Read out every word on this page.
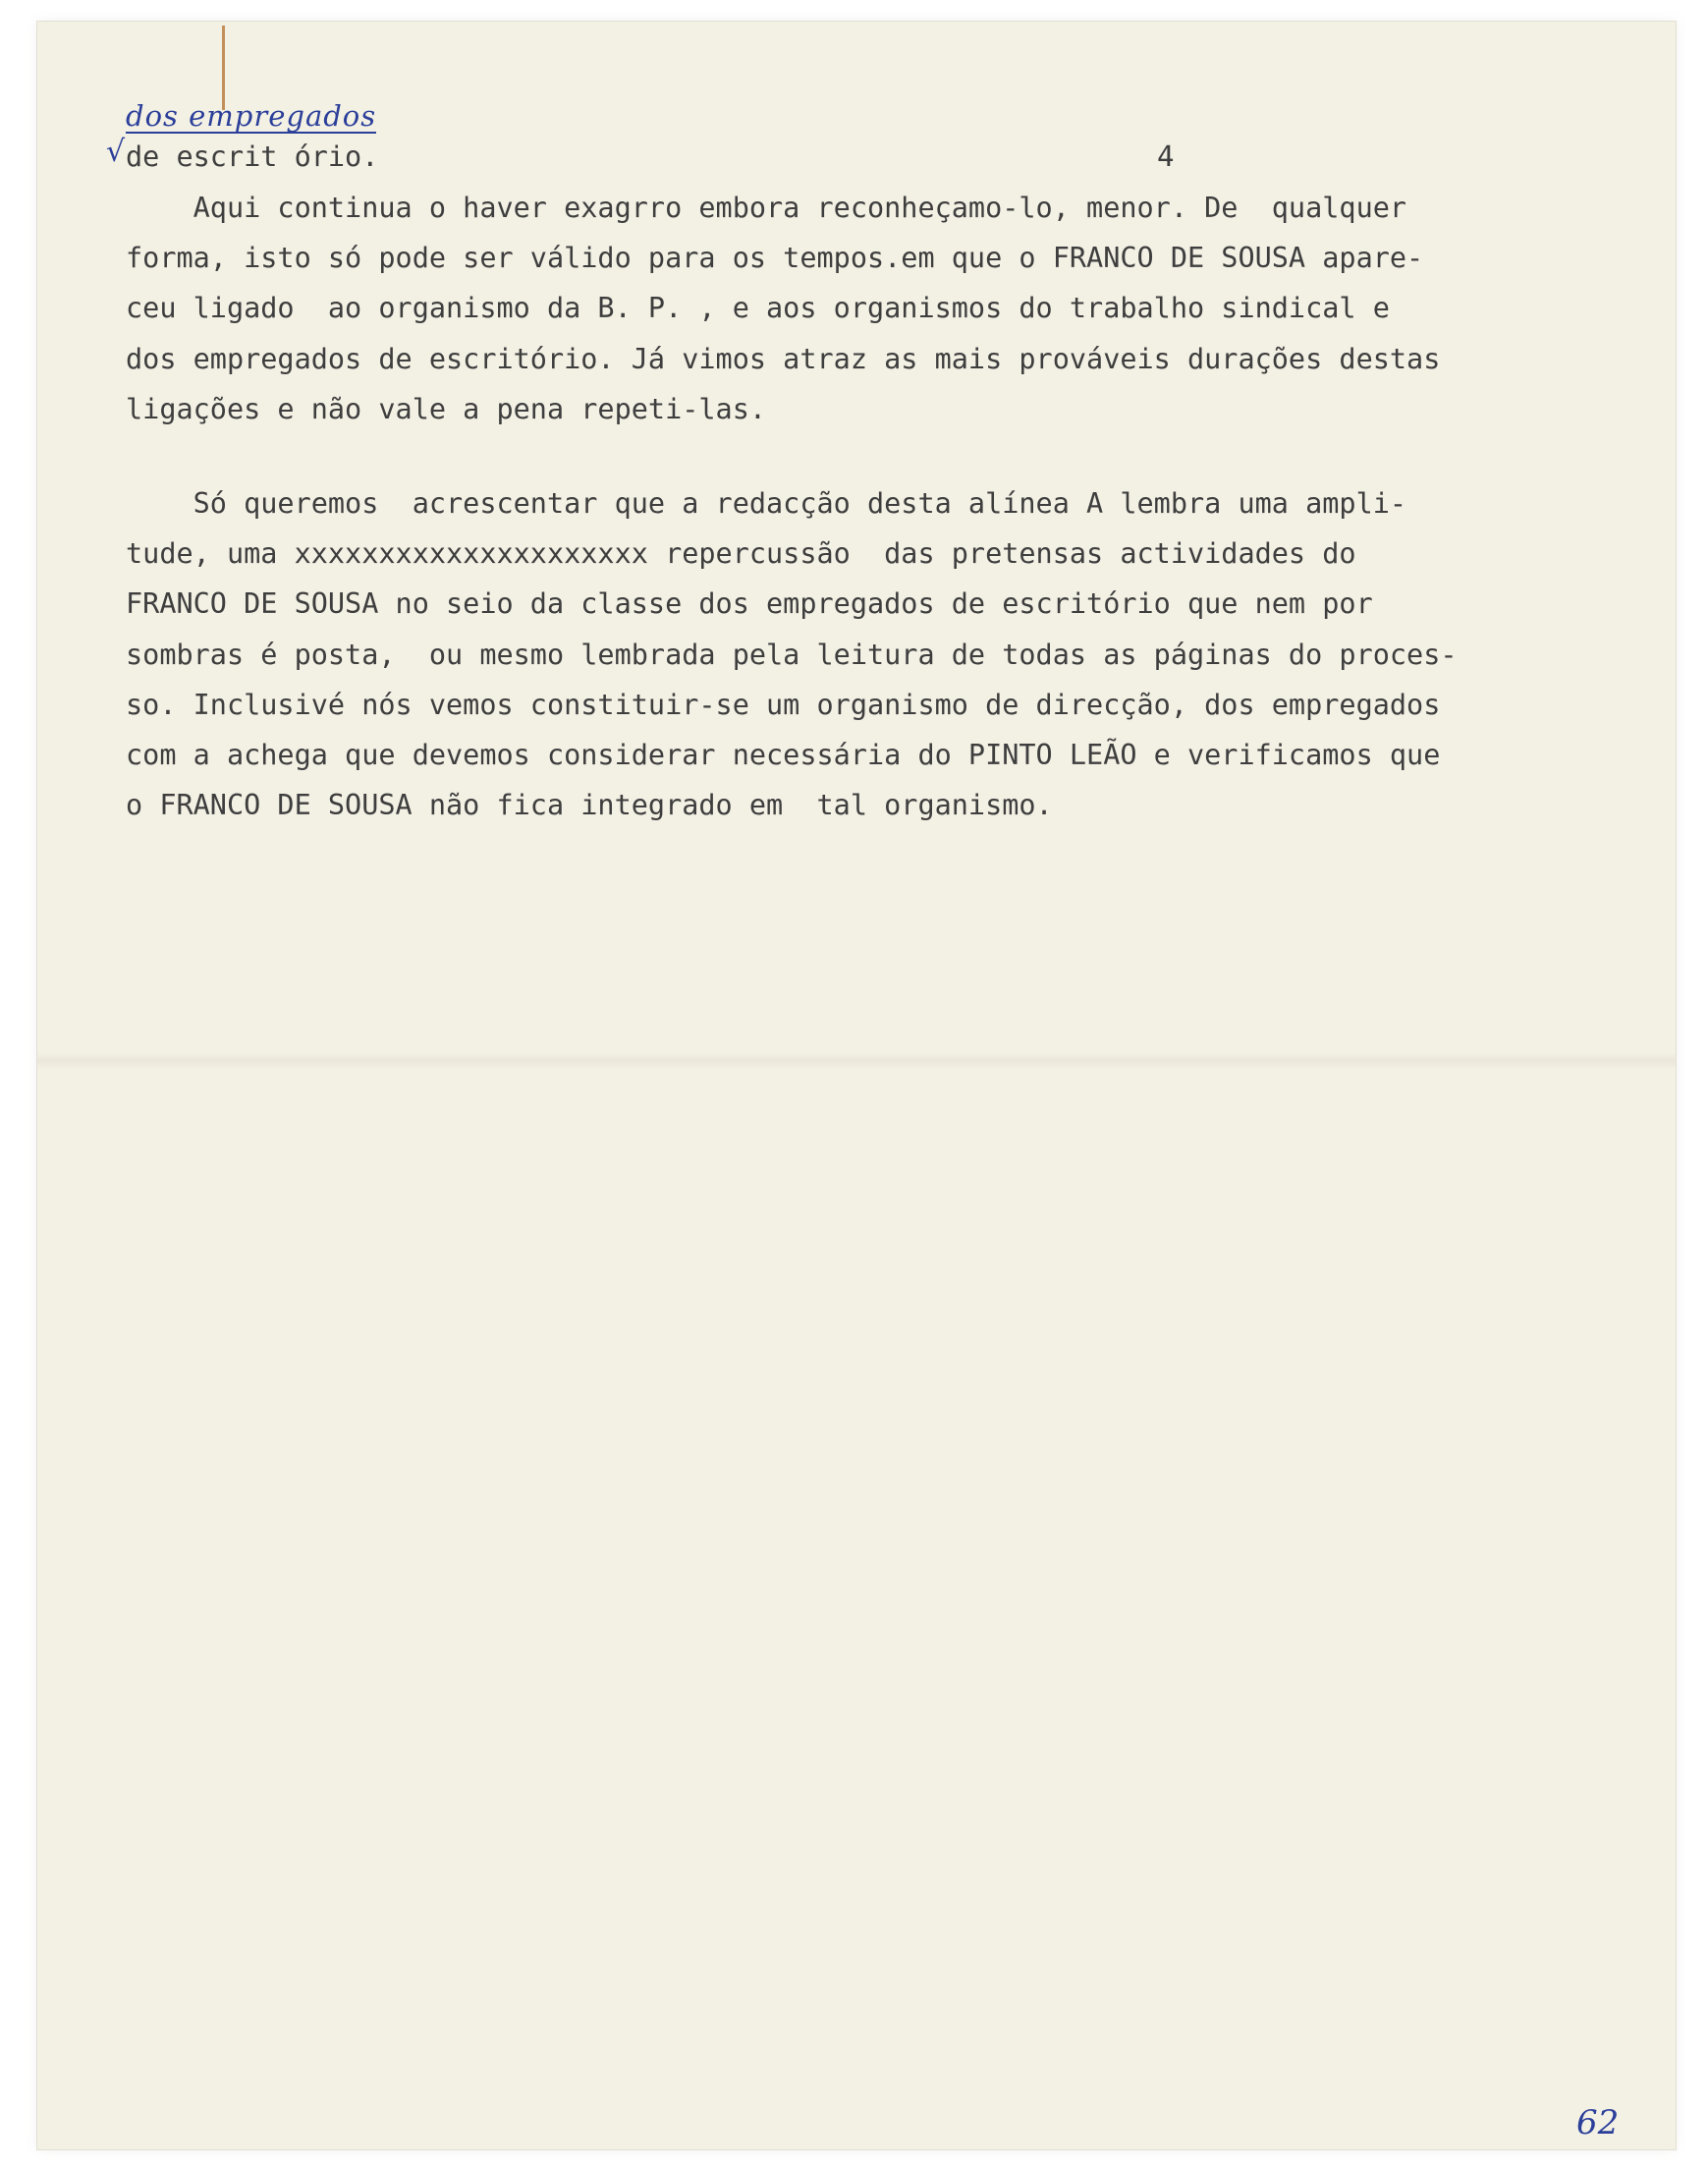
dos empregados
√ de escrit ório.	4
Aqui continua o haver exagrro embora reconheçamo-lo, menor. De  qualquer
forma, isto só pode ser válido para os tempos.em que o FRANCO DE SOUSA apare-
ceu ligado  ao organismo da B. P. , e aos organismos do trabalho sindical e
dos empregados de escritório. Já vimos atraz as mais prováveis durações destas
ligações e não vale a pena repeti-las.
Só queremos  acrescentar que a redacção desta alínea A lembra uma ampli-
tude, uma xxxxxxxxxxxxxxxxxxxxx repercussão  das pretensas actividades do
FRANCO DE SOUSA no seio da classe dos empregados de escritório que nem por
sombras é posta,  ou mesmo lembrada pela leitura de todas as páginas do proces-
so. Inclusivé nós vemos constituir-se um organismo de direcção, dos empregados
com a achega que devemos considerar necessária do PINTO LEÃO e verificamos que
o FRANCO DE SOUSA não fica integrado em  tal organismo.
62
